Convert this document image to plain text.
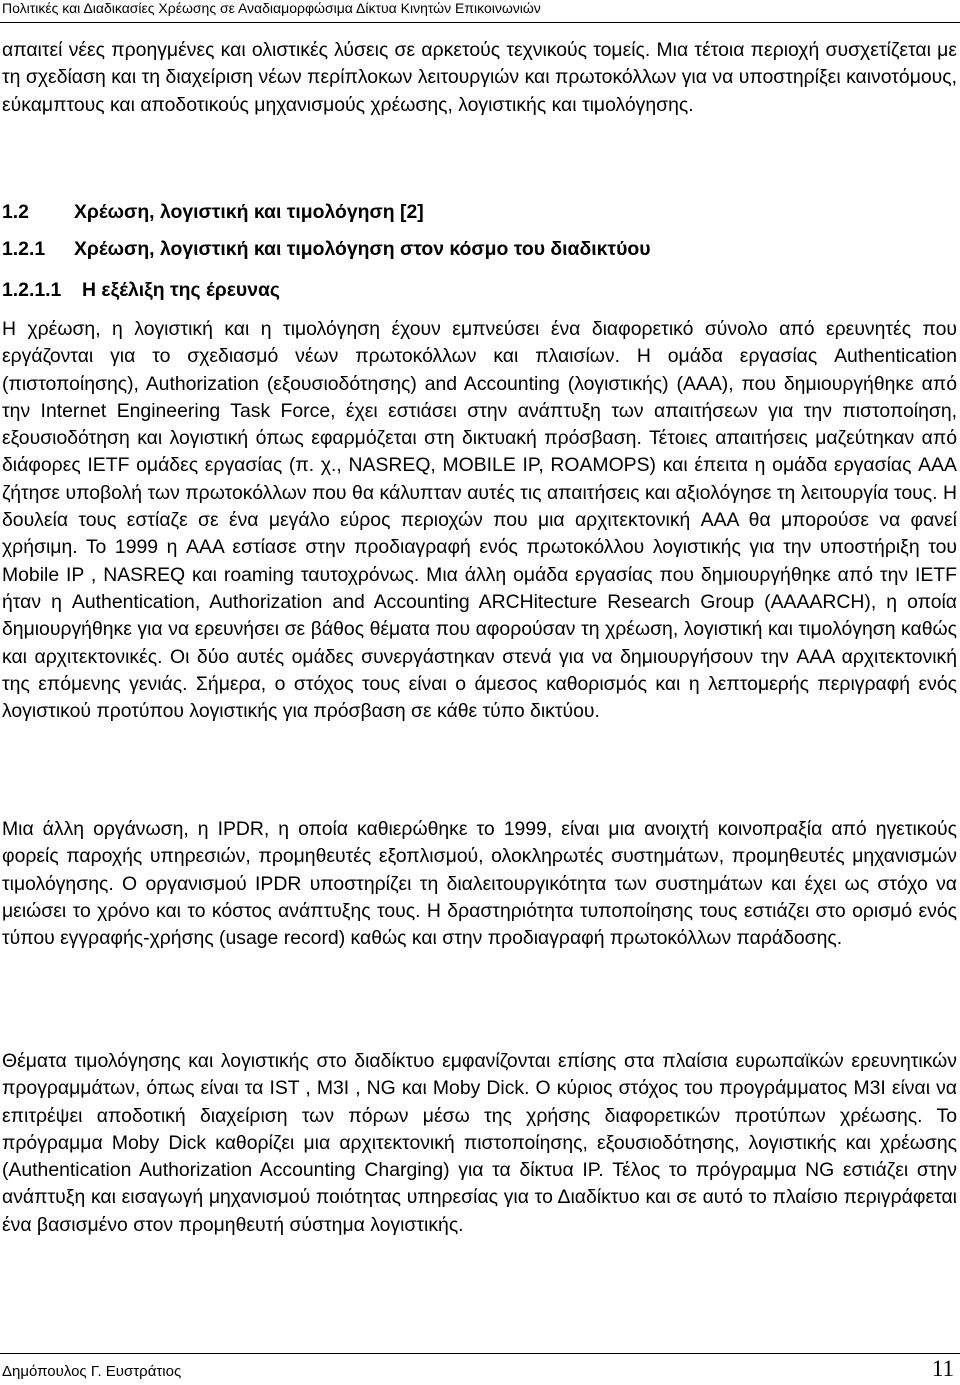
Πολιτικές και Διαδικασίες Χρέωσης σε Αναδιαμορφώσιμα Δίκτυα Κινητών Επικοινωνιών

απαιτεί νέες προηγμένες και ολιστικές λύσεις σε αρκετούς τεχνικούς τομείς. Μια τέτοια περιοχή συσχετίζεται με τη σχεδίαση και τη διαχείριση νέων περίπλοκων λειτουργιών και πρωτοκόλλων για να υποστηρίξει καινοτόμους, εύκαμπτους και αποδοτικούς μηχανισμούς χρέωσης, λογιστικής και τιμολόγησης.

1.2 Χρέωση, λογιστική και τιμολόγηση [2]
1.2.1 Χρέωση, λογιστική και τιμολόγηση στον κόσμο του διαδικτύου
1.2.1.1 Η εξέλιξη της έρευνας

Η χρέωση, η λογιστική και η τιμολόγηση έχουν εμπνεύσει ένα διαφορετικό σύνολο από ερευνητές που εργάζονται για το σχεδιασμό νέων πρωτοκόλλων και πλαισίων. Η ομάδα εργασίας Authentication (πιστοποίησης), Authorization (εξουσιοδότησης) and Accounting (λογιστικής) (AAA), που δημιουργήθηκε από την Internet Engineering Task Force, έχει εστιάσει στην ανάπτυξη των απαιτήσεων για την πιστοποίηση, εξουσιοδότηση και λογιστική όπως εφαρμόζεται στη δικτυακή πρόσβαση. Τέτοιες απαιτήσεις μαζεύτηκαν από διάφορες IETF ομάδες εργασίας (π. χ., NASREQ, MOBILE IP, ROAMOPS) και έπειτα η ομάδα εργασίας AAA ζήτησε υποβολή των πρωτοκόλλων που θα κάλυπταν αυτές τις απαιτήσεις και αξιολόγησε τη λειτουργία τους. Η δουλεία τους εστίαζε σε ένα μεγάλο εύρος περιοχών που μια αρχιτεκτονική AAA θα μπορούσε να φανεί χρήσιμη. Το 1999 η AAA εστίασε στην προδιαγραφή ενός πρωτοκόλλου λογιστικής για την υποστήριξη του Mobile IP , NASREQ και roaming ταυτοχρόνως. Μια άλλη ομάδα εργασίας που δημιουργήθηκε από την IETF ήταν η Authentication, Authorization and Accounting ARCHitecture Research Group (AAAARCH), η οποία δημιουργήθηκε για να ερευνήσει σε βάθος θέματα που αφορούσαν τη χρέωση, λογιστική και τιμολόγηση καθώς και αρχιτεκτονικές. Οι δύο αυτές ομάδες συνεργάστηκαν στενά για να δημιουργήσουν την AAA αρχιτεκτονική της επόμενης γενιάς. Σήμερα, ο στόχος τους είναι ο άμεσος καθορισμός και η λεπτομερής περιγραφή ενός λογιστικού προτύπου λογιστικής για πρόσβαση σε κάθε τύπο δικτύου.

Μια άλλη οργάνωση, η IPDR, η οποία καθιερώθηκε το 1999, είναι μια ανοιχτή κοινοπραξία από ηγετικούς φορείς παροχής υπηρεσιών, προμηθευτές εξοπλισμού, ολοκληρωτές συστημάτων, προμηθευτές μηχανισμών τιμολόγησης. Ο οργανισμού IPDR υποστηρίζει τη διαλειτουργικότητα των συστημάτων και έχει ως στόχο να μειώσει το χρόνο και το κόστος ανάπτυξης τους. Η δραστηριότητα τυποποίησης τους εστιάζει στο ορισμό ενός τύπου εγγραφής-χρήσης (usage record) καθώς και στην προδιαγραφή πρωτοκόλλων παράδοσης.

Θέματα τιμολόγησης και λογιστικής στο διαδίκτυο εμφανίζονται επίσης στα πλαίσια ευρωπαϊκών ερευνητικών προγραμμάτων, όπως είναι τα IST , M3I , NG και Moby Dick. Ο κύριος στόχος του προγράμματος M3I είναι να επιτρέψει αποδοτική διαχείριση των πόρων μέσω της χρήσης διαφορετικών προτύπων χρέωσης. Το πρόγραμμα Moby Dick καθορίζει μια αρχιτεκτονική πιστοποίησης, εξουσιοδότησης, λογιστικής και χρέωσης (Authentication Authorization Accounting Charging) για τα δίκτυα IP. Τέλος το πρόγραμμα NG εστιάζει στην ανάπτυξη και εισαγωγή μηχανισμού ποιότητας υπηρεσίας για το Διαδίκτυο και σε αυτό το πλαίσιο περιγράφεται ένα βασισμένο στον προμηθευτή σύστημα λογιστικής.

Δημόπουλος Γ. Ευστράτιος	11
